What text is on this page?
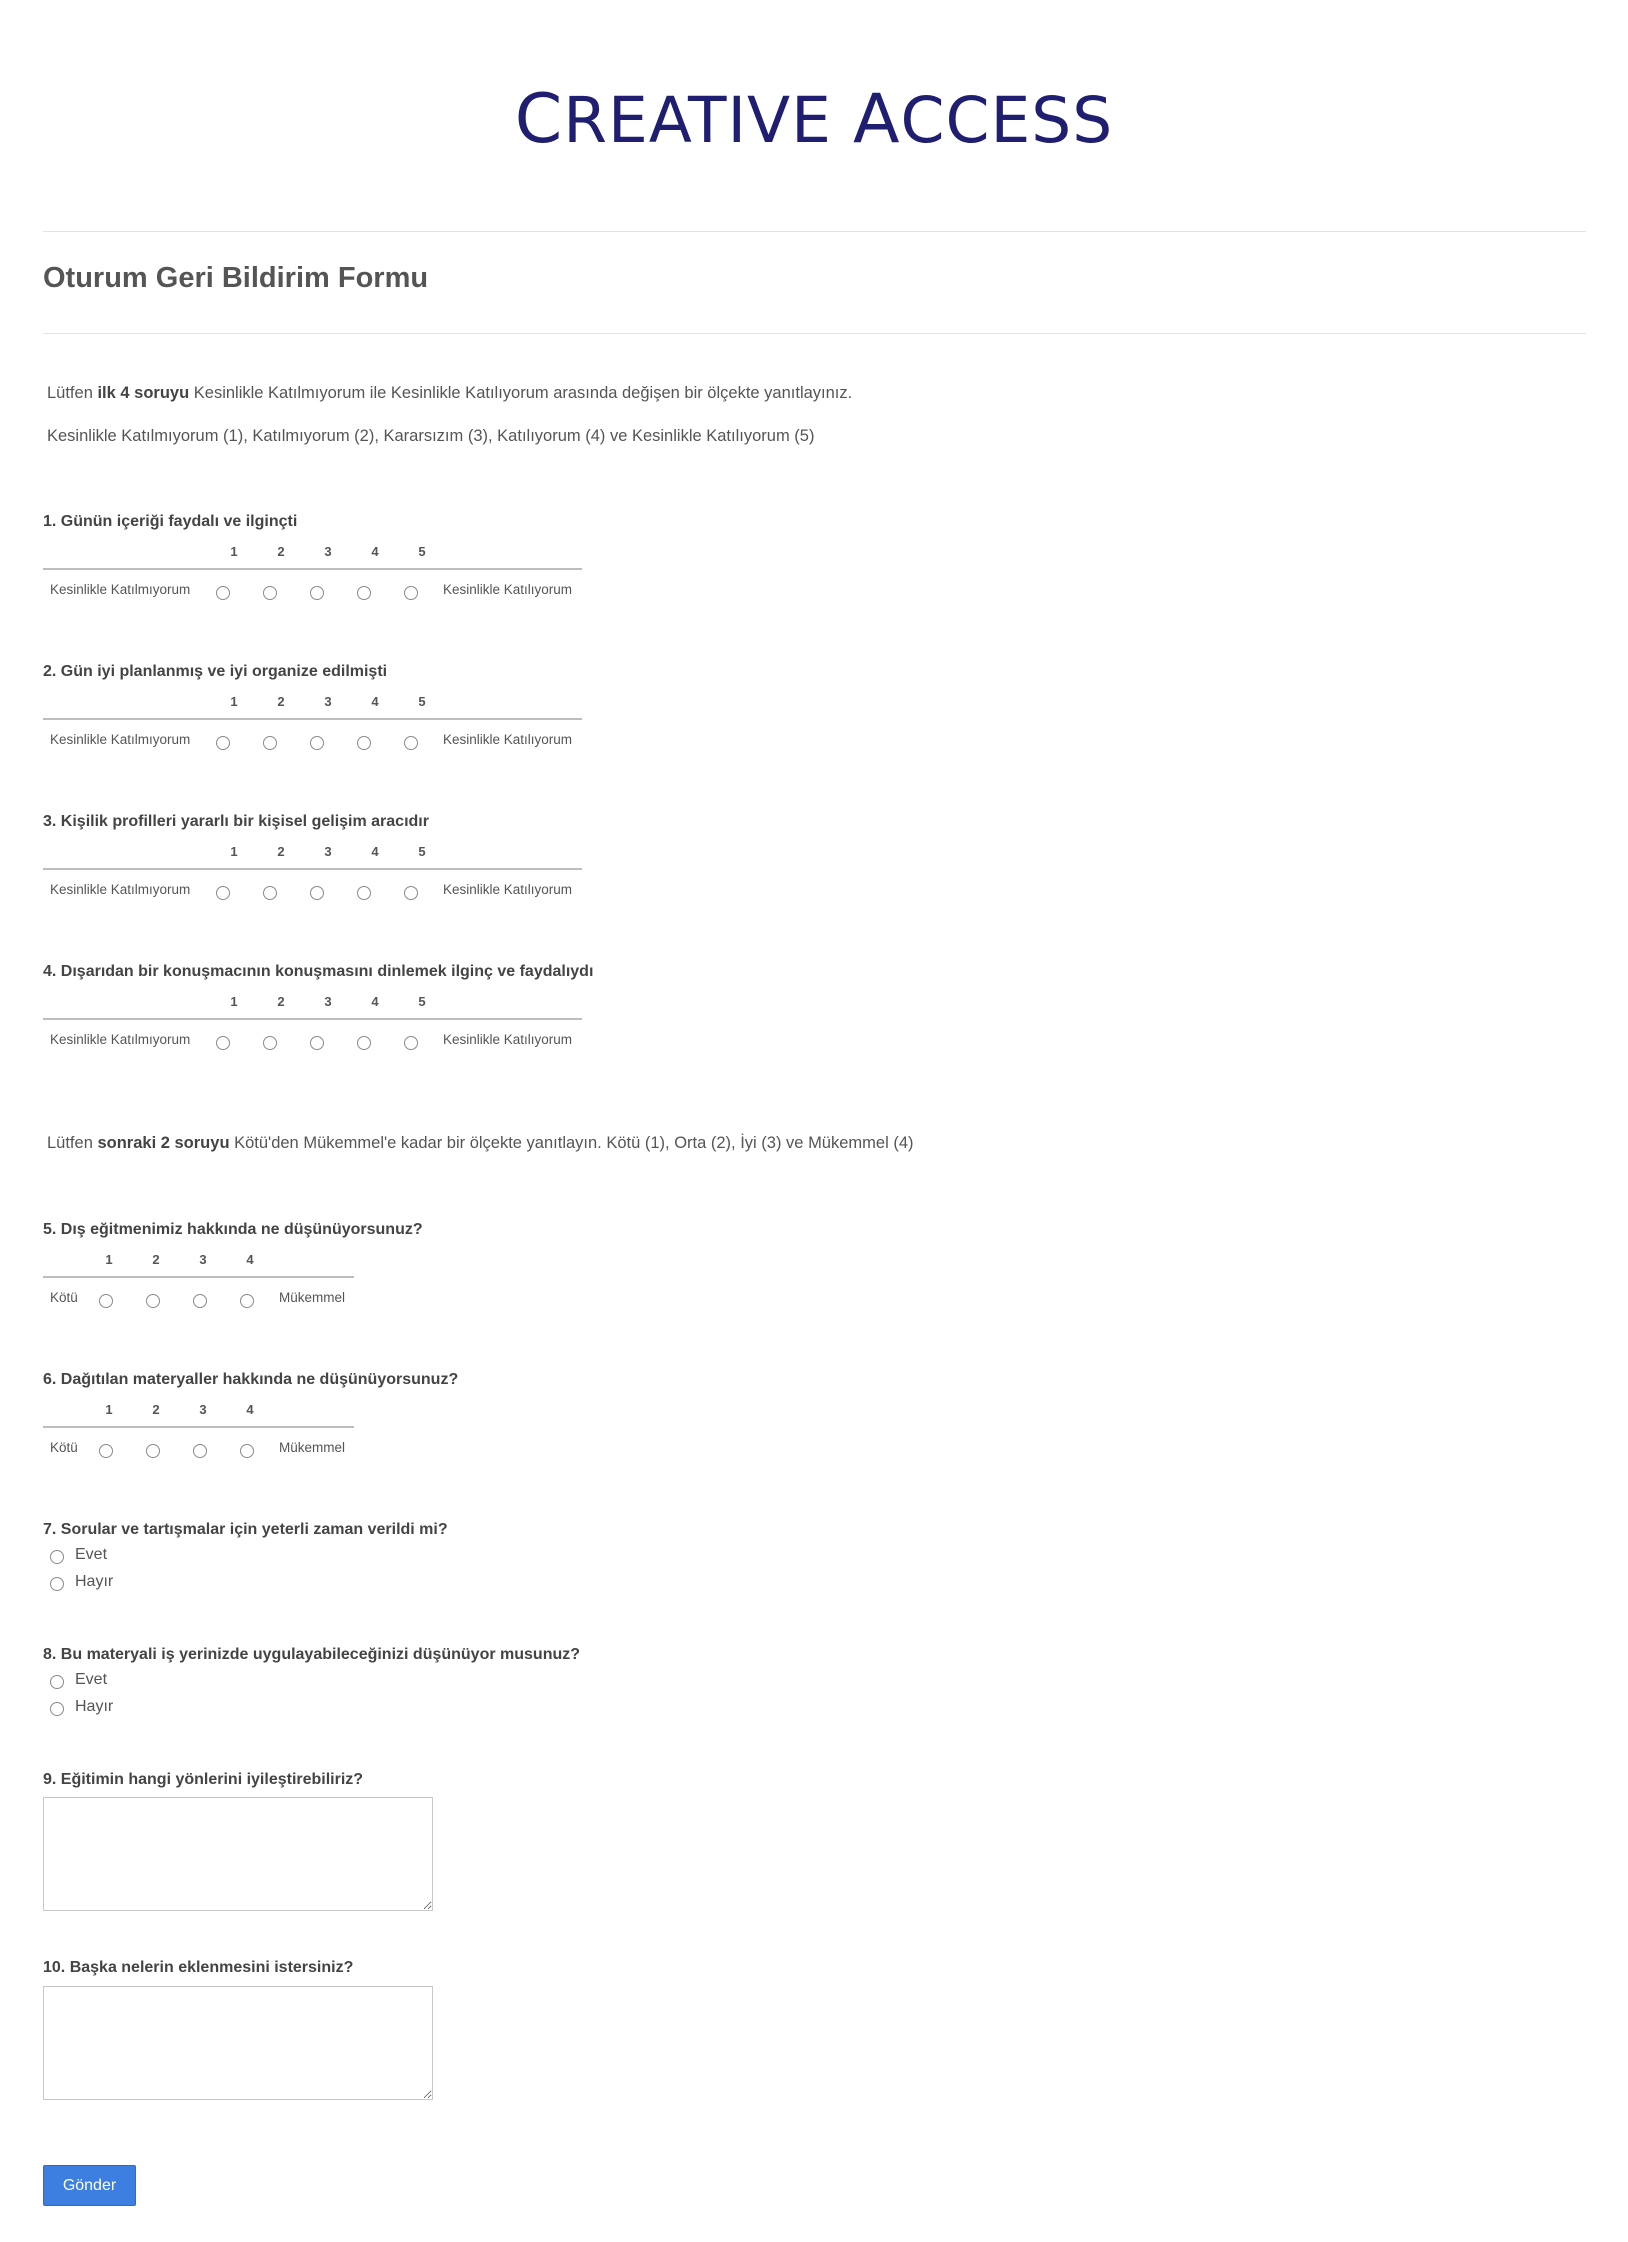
CREATIVE ACCESS
Oturum Geri Bildirim Formu
Lütfen ilk 4 soruyu Kesinlikle Katılmıyorum ile Kesinlikle Katılıyorum arasında değişen bir ölçekte yanıtlayınız.
Kesinlikle Katılmıyorum (1), Katılmıyorum (2), Kararsızım (3), Katılıyorum (4) ve Kesinlikle Katılıyorum (5)
1. Günün içeriği faydalı ve ilginçti
1	2	3	4	5
Kesinlikle Katılmıyorum	Kesinlikle Katılıyorum
2. Gün iyi planlanmış ve iyi organize edilmişti
1	2	3	4	5
Kesinlikle Katılmıyorum	Kesinlikle Katılıyorum
3. Kişilik profilleri yararlı bir kişisel gelişim aracıdır
1	2	3	4	5
Kesinlikle Katılmıyorum	Kesinlikle Katılıyorum
4. Dışarıdan bir konuşmacının konuşmasını dinlemek ilginç ve faydalıydı
1	2	3	4	5
Kesinlikle Katılmıyorum	Kesinlikle Katılıyorum
Lütfen sonraki 2 soruyu Kötü'den Mükemmel'e kadar bir ölçekte yanıtlayın. Kötü (1), Orta (2), İyi (3) ve Mükemmel (4)
5. Dış eğitmenimiz hakkında ne düşünüyorsunuz?
1	2	3	4
Kötü	Mükemmel
6. Dağıtılan materyaller hakkında ne düşünüyorsunuz?
1	2	3	4
Kötü	Mükemmel
7. Sorular ve tartışmalar için yeterli zaman verildi mi?
Evet
Hayır
8. Bu materyali iş yerinizde uygulayabileceğinizi düşünüyor musunuz?
Evet
Hayır
9. Eğitimin hangi yönlerini iyileştirebiliriz?
10. Başka nelerin eklenmesini istersiniz?
Gönder
